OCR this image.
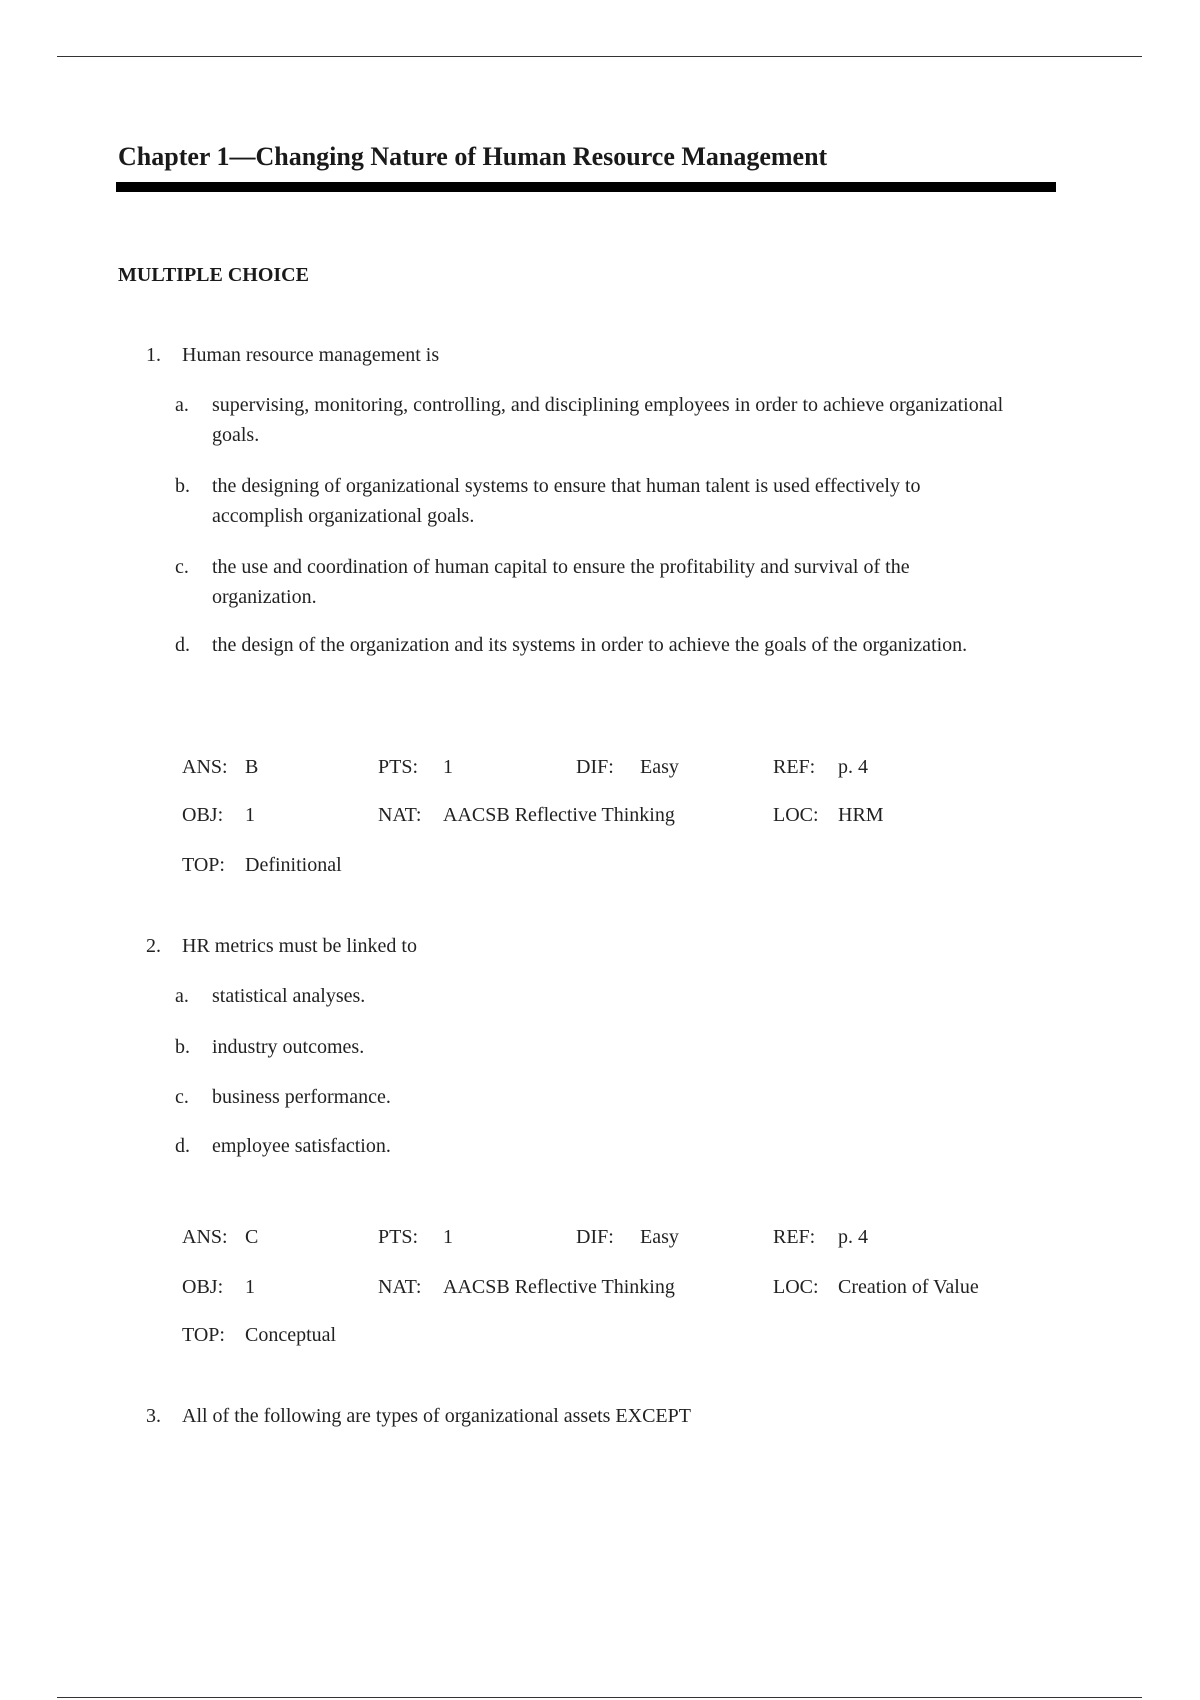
Chapter 1—Changing Nature of Human Resource Management
MULTIPLE CHOICE
1. Human resource management is
a. supervising, monitoring, controlling, and disciplining employees in order to achieve organizational goals.
b. the designing of organizational systems to ensure that human talent is used effectively to accomplish organizational goals.
c. the use and coordination of human capital to ensure the profitability and survival of the organization.
d. the design of the organization and its systems in order to achieve the goals of the organization.
ANS: B	PTS: 1	DIF: Easy	REF: p. 4
OBJ: 1	NAT: AACSB Reflective Thinking	LOC: HRM
TOP: Definitional
2. HR metrics must be linked to
a. statistical analyses.
b. industry outcomes.
c. business performance.
d. employee satisfaction.
ANS: C	PTS: 1	DIF: Easy	REF: p. 4
OBJ: 1	NAT: AACSB Reflective Thinking	LOC: Creation of Value
TOP: Conceptual
3. All of the following are types of organizational assets EXCEPT
